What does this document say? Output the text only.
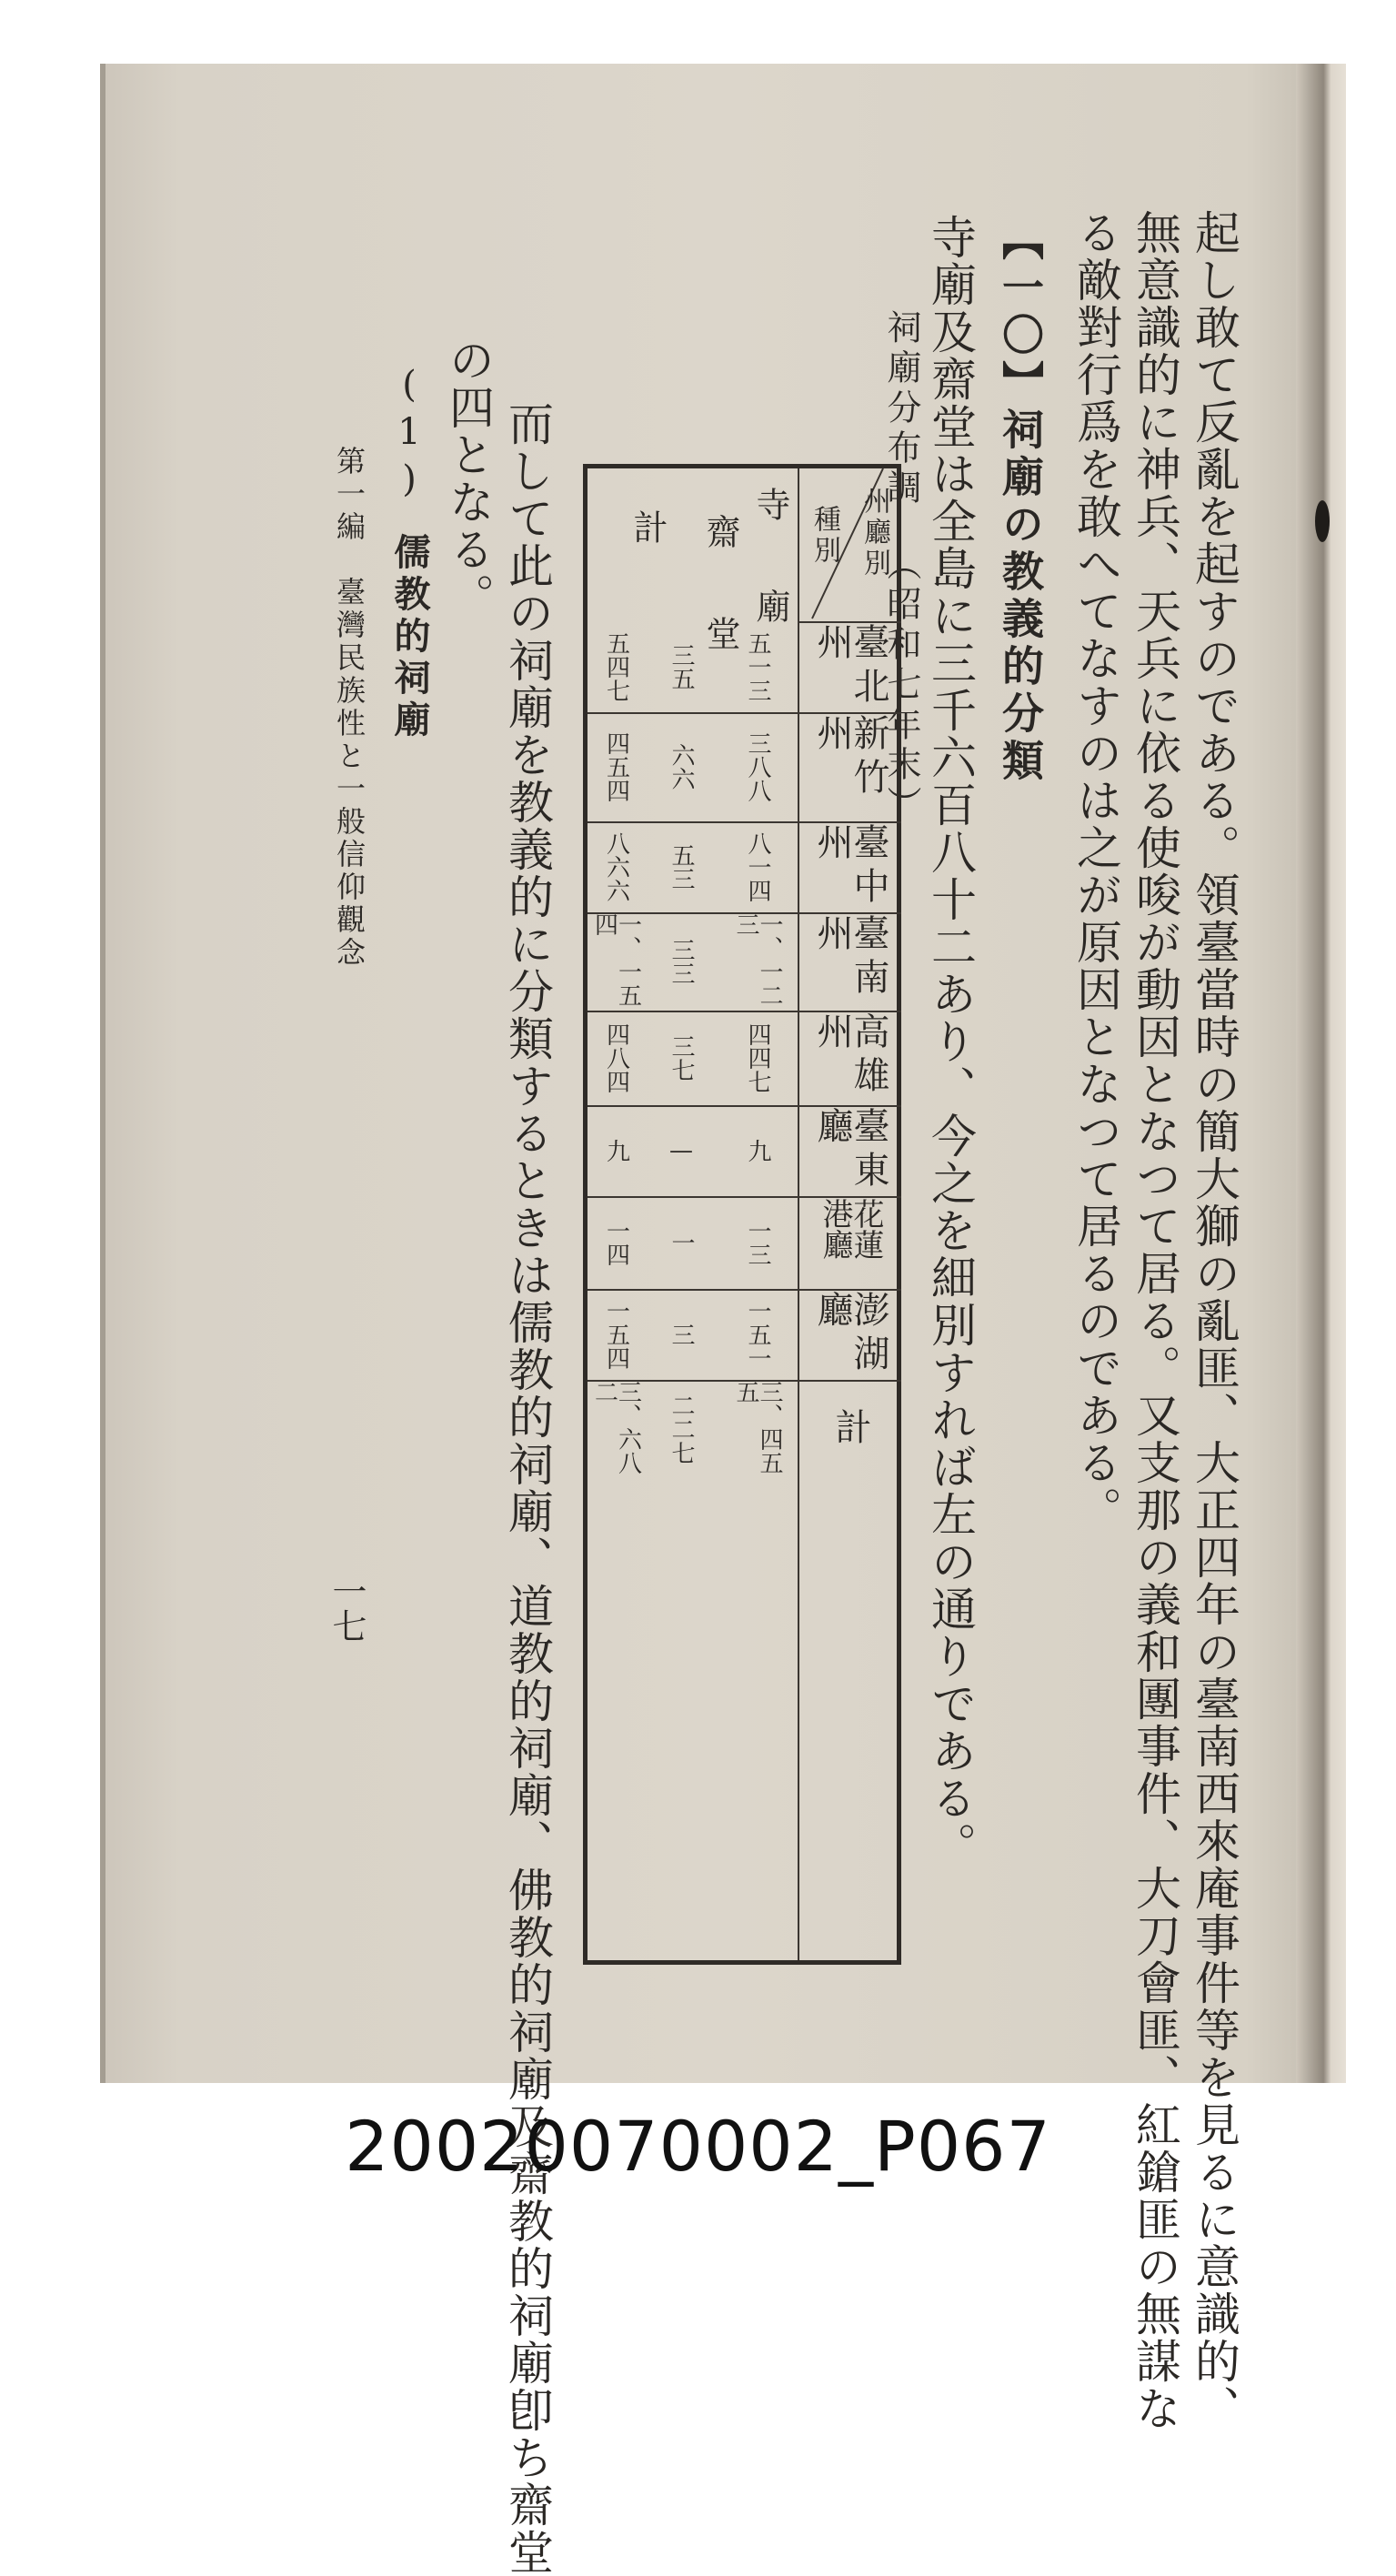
起し敢て反亂を起すのである。領臺當時の簡大獅の亂匪、大正四年の臺南西來庵事件等を見るに意識的、
無意識的に神兵、天兵に依る使唆が動因となつて居る。又支那の義和團事件、大刀會匪、紅鎗匪の無謀な
る敵對行爲を敢へてなすのは之が原因となつて居るのである。
【一〇】祠廟の教義的分類
寺廟及齋堂は全島に三千六百八十二あり、今之を細別すれば左の通りである。
祠廟分布調（昭和七年末）
州廳別
種別
臺北州
新竹州
臺中州
臺南州
高雄州
臺東廳
花蓮港廳
澎湖廳
計
寺　廟
齋　堂
計
五一三
三八八
八一四
一、一二三
四四七
九
一三
一五一
三、四五五
三五
六六
五三
三三
三七
—
一
三
二二七
五四七
四五四
八六六
一、一五四
四八四
九
一四
一五四
三、六八二
而して此の祠廟を教義的に分類するときは儒教的祠廟、道教的祠廟、佛教的祠廟及齋教的祠廟卽ち齋堂
の四となる。
(1)儒教的祠廟
第一編　臺灣民族性と一般信仰觀念
一七
20020070002_P067
